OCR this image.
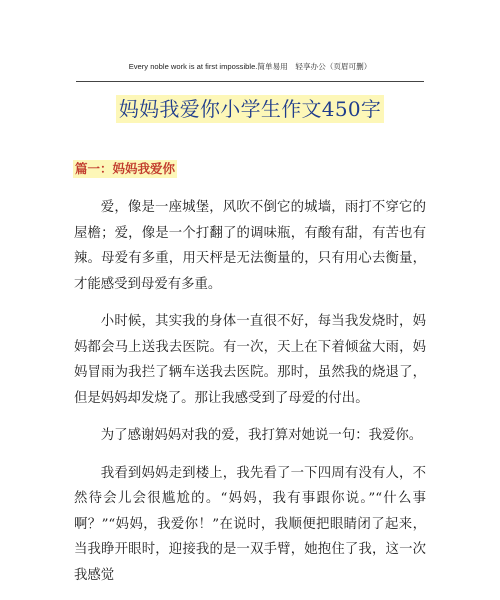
Every noble work is at first impossible.简单易用　轻享办公（页眉可删）
妈妈我爱你小学生作文450字
篇一：妈妈我爱你

爱，像是一座城堡，风吹不倒它的城墙，雨打不穿它的屋檐；爱，像是一个打翻了的调味瓶，有酸有甜，有苦也有辣。母爱有多重，用天枰是无法衡量的，只有用心去衡量，才能感受到母爱有多重。

小时候，其实我的身体一直很不好，每当我发烧时，妈妈都会马上送我去医院。有一次，天上在下着倾盆大雨，妈妈冒雨为我拦了辆车送我去医院。那时，虽然我的烧退了，但是妈妈却发烧了。那让我感受到了母爱的付出。

为了感谢妈妈对我的爱，我打算对她说一句：我爱你。

我看到妈妈走到楼上，我先看了一下四周有没有人，不然待会儿会很尴尬的。“妈妈，我有事跟你说。”“什么事啊？”“妈妈，我爱你！”在说时，我顺便把眼睛闭了起来，当我睁开眼时，迎接我的是一双手臂，她抱住了我，这一次我感觉
